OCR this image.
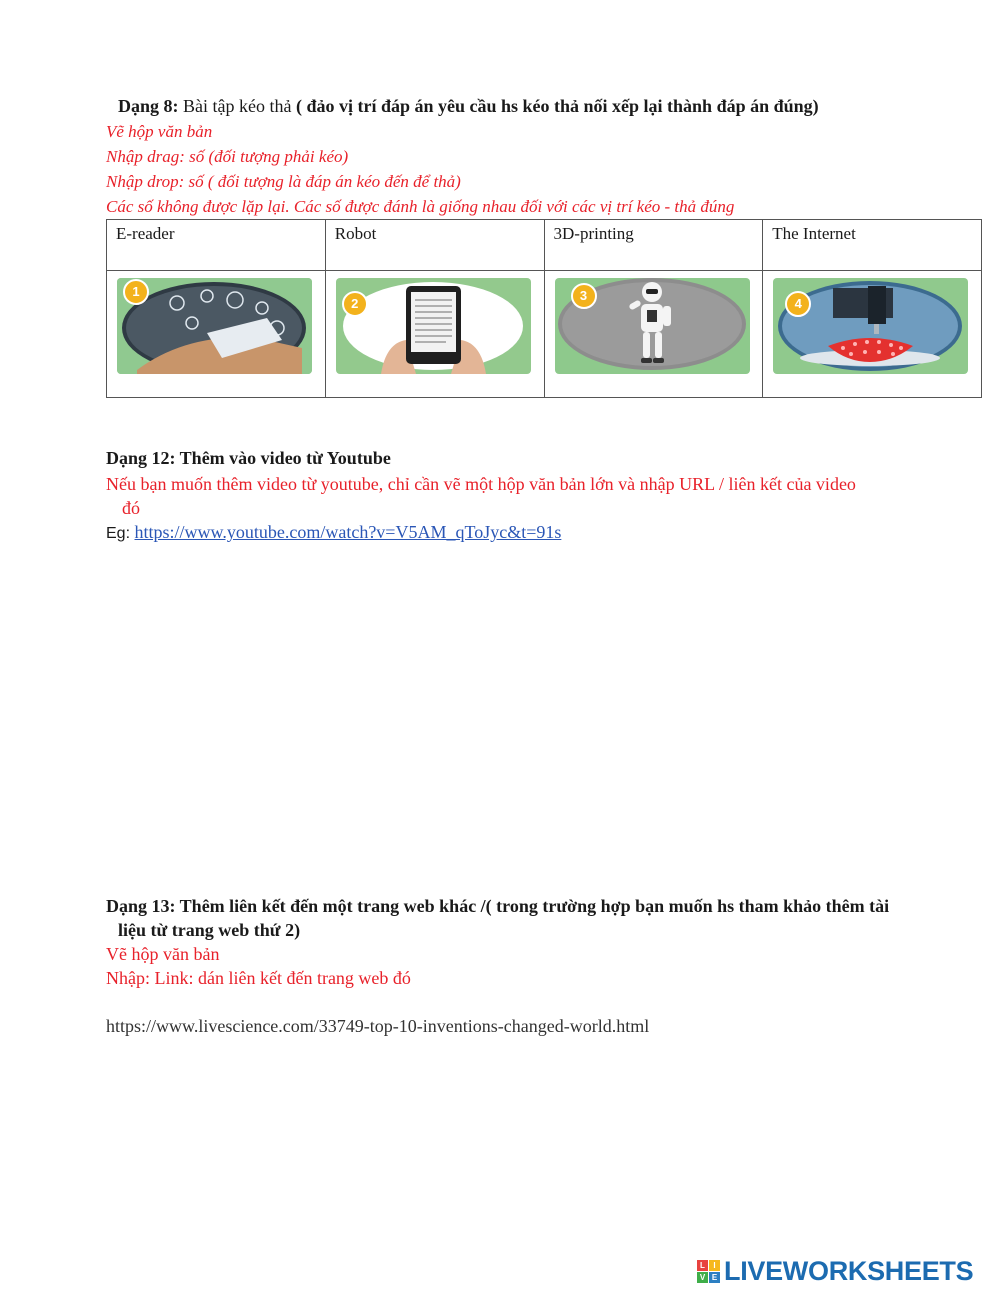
Dạng 8: Bài tập kéo thả ( đảo vị trí đáp án yêu cầu hs kéo thả nối xếp lại thành đáp án đúng)
Vẽ hộp văn bản
Nhập drag: số (đối tượng phải kéo)
Nhập drop: số ( đối tượng là đáp án kéo đến để thả)
Các số không được lặp lại. Các số được đánh là giống nhau đối với các vị trí kéo - thả đúng
E-reader	Robot	3D-printing	The Internet

1	2	3	4
Dạng 12: Thêm vào video từ Youtube
Nếu bạn muốn thêm video từ youtube, chỉ cần vẽ một hộp văn bản lớn và nhập URL / liên kết của video
đó
Eg: https://www.youtube.com/watch?v=V5AM_qToJyc&t=91s
Dạng 13: Thêm liên kết đến một trang web khác /( trong trường hợp bạn muốn hs tham khảo thêm tài
liệu từ trang web thứ 2)
Vẽ hộp văn bản
Nhập: Link: dán liên kết đến trang web đó
https://www.livescience.com/33749-top-10-inventions-changed-world.html
L	I
V E LIVEWORKSHEETS
